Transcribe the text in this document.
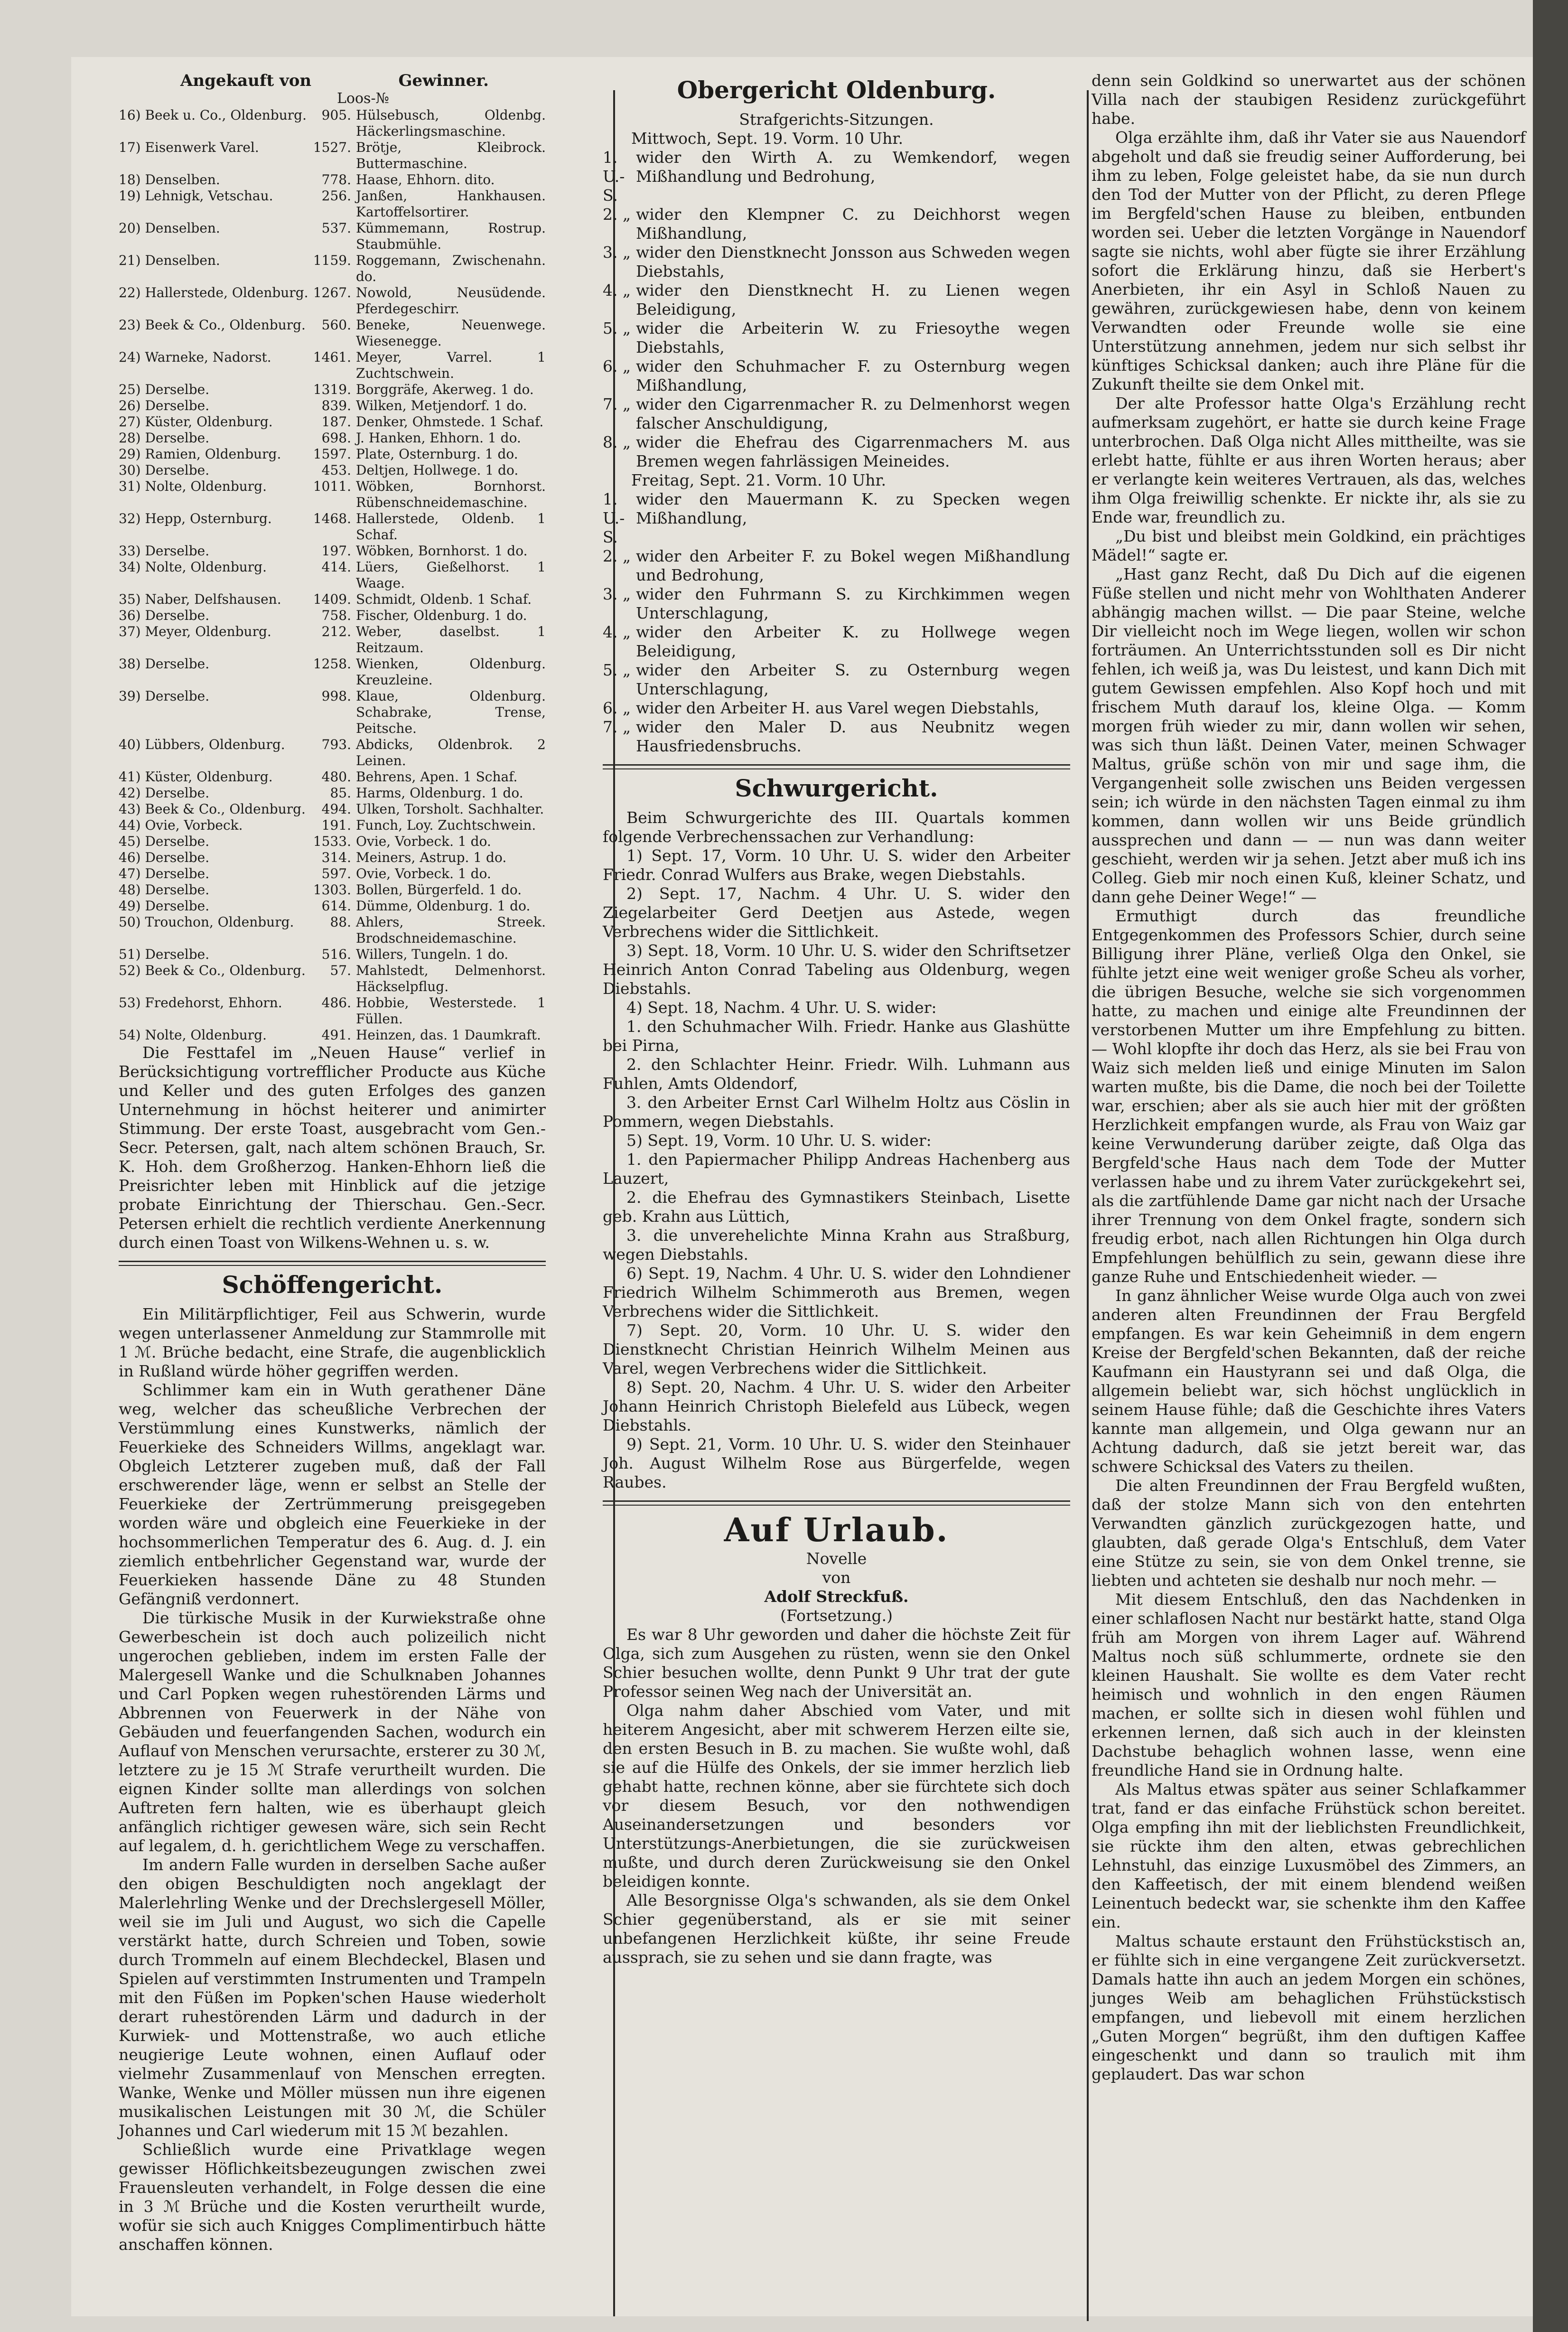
Angekauft von	Gewinner.
Loos-№
16) Beek u. Co., Oldenburg.	905. Hülsebusch, Oldenbg. Häckerlingsmaschine.
17) Eisenwerk Varel.	1527. Brötje, Kleibrock. Buttermaschine.
18) Denselben.	778. Haase, Ehhorn. dito.
19) Lehnigk, Vetschau.	256. Janßen, Hankhausen. Kartoffelsortirer.
20) Denselben.	537. Kümmemann, Rostrup. Staubmühle.
21) Denselben.	1159. Roggemann, Zwischenahn. do.
22) Hallerstede, Oldenburg. 1267. Nowold, Neusüdende. Pferdegeschirr.
23) Beek & Co., Oldenburg.	560. Beneke, Neuenwege. Wiesenegge.
24) Warneke, Nadorst.	1461. Meyer, Varrel. 1 Zuchtschwein.
25) Derselbe.	1319. Borggräfe, Akerweg. 1 do.
26) Derselbe.	839. Wilken, Metjendorf. 1 do.
27) Küster, Oldenburg.	187. Denker, Ohmstede. 1 Schaf.
28) Derselbe.	698. J. Hanken, Ehhorn. 1 do.
29) Ramien, Oldenburg.	1597. Plate, Osternburg. 1 do.
30) Derselbe.	453. Deltjen, Hollwege. 1 do.
31) Nolte, Oldenburg.	1011. Wöbken, Bornhorst. Rübenschneidemaschine.
32) Hepp, Osternburg.	1468. Hallerstede, Oldenb. 1 Schaf.
33) Derselbe.	197. Wöbken, Bornhorst. 1 do.
34) Nolte, Oldenburg.	414. Lüers, Gießelhorst. 1 Waage.
35) Naber, Delfshausen.	1409. Schmidt, Oldenb. 1 Schaf.
36) Derselbe.	758. Fischer, Oldenburg. 1 do.
37) Meyer, Oldenburg.	212. Weber, daselbst. 1 Reitzaum.
38) Derselbe.	1258. Wienken, Oldenburg. Kreuzleine.
39) Derselbe.	998. Klaue, Oldenburg. Schabrake, Trense, Peitsche.
40) Lübbers, Oldenburg.	793. Abdicks, Oldenbrok. 2 Leinen.
41) Küster, Oldenburg.	480. Behrens, Apen. 1 Schaf.
42) Derselbe.	85. Harms, Oldenburg. 1 do.
43) Beek & Co., Oldenburg.	494. Ulken, Torsholt. Sachhalter.
44) Ovie, Vorbeck.	191. Funch, Loy. Zuchtschwein.
45) Derselbe.	1533. Ovie, Vorbeck. 1 do.
46) Derselbe.	314. Meiners, Astrup. 1 do.
47) Derselbe.	597. Ovie, Vorbeck. 1 do.
48) Derselbe.	1303. Bollen, Bürgerfeld. 1 do.
49) Derselbe.	614. Dümme, Oldenburg. 1 do.
50) Trouchon, Oldenburg.	88. Ahlers, Streek. Brodschneidemaschine.
51) Derselbe.	516. Willers, Tungeln. 1 do.
52) Beek & Co., Oldenburg.	57. Mahlstedt, Delmenhorst. Häckselpflug.
53) Fredehorst, Ehhorn.	486. Hobbie, Westerstede. 1 Füllen.
54) Nolte, Oldenburg.	491. Heinzen, das. 1 Daumkraft.

Die Festtafel im „Neuen Hause“ verlief in Berücksichtigung vortrefflicher Producte aus Küche und Keller und des guten Erfolges des ganzen Unternehmung in höchst heiterer und animirter Stimmung. Der erste Toast, ausgebracht vom Gen.-Secr. Petersen, galt, nach altem schönen Brauch, Sr. K. Hoh. dem Großherzog. Hanken-Ehhorn ließ die Preisrichter leben mit Hinblick auf die jetzige probate Einrichtung der Thierschau. Gen.-Secr. Petersen erhielt die rechtlich verdiente Anerkennung durch einen Toast von Wilkens-Wehnen u. s. w.

Schöffengericht.

Ein Militärpflichtiger, Feil aus Schwerin, wurde wegen unterlassener Anmeldung zur Stammrolle mit 1 ℳ. Brüche bedacht, eine Strafe, die augenblicklich in Rußland würde höher gegriffen werden.

Schlimmer kam ein in Wuth gerathener Däne weg, welcher das scheußliche Verbrechen der Verstümmlung eines Kunstwerks, nämlich der Feuerkieke des Schneiders Willms, angeklagt war. Obgleich Letzterer zugeben muß, daß der Fall erschwerender läge, wenn er selbst an Stelle der Feuerkieke der Zertrümmerung preisgegeben worden wäre und obgleich eine Feuerkieke in der hochsommerlichen Temperatur des 6. Aug. d. J. ein ziemlich entbehrlicher Gegenstand war, wurde der Feuerkieken hassende Däne zu 48 Stunden Gefängniß verdonnert.

Die türkische Musik in der Kurwiekstraße ohne Gewerbeschein ist doch auch polizeilich nicht ungerochen geblieben, indem im ersten Falle der Malergesell Wanke und die Schulknaben Johannes und Carl Popken wegen ruhestörenden Lärms und Abbrennen von Feuerwerk in der Nähe von Gebäuden und feuerfangenden Sachen, wodurch ein Auflauf von Menschen verursachte, ersterer zu 30 ℳ, letztere zu je 15 ℳ Strafe verurtheilt wurden. Die eignen Kinder sollte man allerdings von solchen Auftreten fern halten, wie es überhaupt gleich anfänglich richtiger gewesen wäre, sich sein Recht auf legalem, d. h. gerichtlichem Wege zu verschaffen.

Im andern Falle wurden in derselben Sache außer den obigen Beschuldigten noch angeklagt der Malerlehrling Wenke und der Drechslergesell Möller, weil sie im Juli und August, wo sich die Capelle verstärkt hatte, durch Schreien und Toben, sowie durch Trommeln auf einem Blechdeckel, Blasen und Spielen auf verstimmten Instrumenten und Trampeln mit den Füßen im Popken'schen Hause wiederholt derart ruhestörenden Lärm und dadurch in der Kurwiek- und Mottenstraße, wo auch etliche neugierige Leute wohnen, einen Auflauf oder vielmehr Zusammenlauf von Menschen erregten. Wanke, Wenke und Möller müssen nun ihre eigenen musikalischen Leistungen mit 30 ℳ, die Schüler Johannes und Carl wiederum mit 15 ℳ bezahlen.

Schließlich wurde eine Privatklage wegen gewisser Höflichkeitsbezeugungen zwischen zwei Frauensleuten verhandelt, in Folge dessen die eine in 3 ℳ Brüche und die Kosten verurtheilt wurde, wofür sie sich auch Knigges Complimentirbuch hätte anschaffen können.

Obergericht Oldenburg.

Strafgerichts-Sitzungen.

Mittwoch, Sept. 19. Vorm. 10 Uhr.

1. U.-S.
wider den Wirth A. zu Wemkendorf, wegen Mißhandlung und Bedrohung,
2. „ wider den Klempner C. zu Deichhorst wegen Mißhandlung,
3. „ wider den Dienstknecht Jonsson aus Schweden wegen Diebstahls,
4. „ wider den Dienstknecht H. zu Lienen wegen Beleidigung,
5. „ wider die Arbeiterin W. zu Friesoythe wegen Diebstahls,
6. „ wider den Schuhmacher F. zu Osternburg wegen Mißhandlung,
7. „ wider den Cigarrenmacher R. zu Delmenhorst wegen falscher Anschuldigung,
8. „ wider die Ehefrau des Cigarrenmachers M. aus Bremen wegen fahrlässigen Meineides.

Freitag, Sept. 21. Vorm. 10 Uhr.

1. U.-S.
wider den Mauermann K. zu Specken wegen Mißhandlung,
2. „ wider den Arbeiter F. zu Bokel wegen Mißhandlung und Bedrohung,
3. „ wider den Fuhrmann S. zu Kirchkimmen wegen Unterschlagung,
4. „ wider den Arbeiter K. zu Hollwege wegen Beleidigung,
5. „ wider den Arbeiter S. zu Osternburg wegen Unterschlagung,
6. „ wider den Arbeiter H. aus Varel wegen Diebstahls,
7. „ wider den Maler D. aus Neubnitz wegen Hausfriedensbruchs.
Schwurgericht.

Beim Schwurgerichte des III. Quartals kommen folgende Verbrechenssachen zur Verhandlung:

1) Sept. 17, Vorm. 10 Uhr. U. S. wider den Arbeiter Friedr. Conrad Wulfers aus Brake, wegen Diebstahls.

2) Sept. 17, Nachm. 4 Uhr. U. S. wider den Ziegelarbeiter Gerd Deetjen aus Astede, wegen Verbrechens wider die Sittlichkeit.

3) Sept. 18, Vorm. 10 Uhr. U. S. wider den Schriftsetzer Heinrich Anton Conrad Tabeling aus Oldenburg, wegen Diebstahls.

4) Sept. 18, Nachm. 4 Uhr. U. S. wider:

1. den Schuhmacher Wilh. Friedr. Hanke aus Glashütte bei Pirna,

2. den Schlachter Heinr. Friedr. Wilh. Luhmann aus Fuhlen, Amts Oldendorf,

3. den Arbeiter Ernst Carl Wilhelm Holtz aus Cöslin in Pommern, wegen Diebstahls.

5) Sept. 19, Vorm. 10 Uhr. U. S. wider:

1. den Papiermacher Philipp Andreas Hachenberg aus Lauzert,

2. die Ehefrau des Gymnastikers Steinbach, Lisette geb. Krahn aus Lüttich,

3. die unverehelichte Minna Krahn aus Straßburg, wegen Diebstahls.

6) Sept. 19, Nachm. 4 Uhr. U. S. wider den Lohndiener Friedrich Wilhelm Schimmeroth aus Bremen, wegen Verbrechens wider die Sittlichkeit.

7) Sept. 20, Vorm. 10 Uhr. U. S. wider den Dienstknecht Christian Heinrich Wilhelm Meinen aus Varel, wegen Verbrechens wider die Sittlichkeit.

8) Sept. 20, Nachm. 4 Uhr. U. S. wider den Arbeiter Johann Heinrich Christoph Bielefeld aus Lübeck, wegen Diebstahls.

9) Sept. 21, Vorm. 10 Uhr. U. S. wider den Steinhauer Joh. August Wilhelm Rose aus Bürgerfelde, wegen Raubes.

Auf Urlaub.

Novelle

von

Adolf Streckfuß.

(Fortsetzung.)

Es war 8 Uhr geworden und daher die höchste Zeit für Olga, sich zum Ausgehen zu rüsten, wenn sie den Onkel Schier besuchen wollte, denn Punkt 9 Uhr trat der gute Professor seinen Weg nach der Universität an.

Olga nahm daher Abschied vom Vater, und mit heiterem Angesicht, aber mit schwerem Herzen eilte sie, den ersten Besuch in B. zu machen. Sie wußte wohl, daß sie auf die Hülfe des Onkels, der sie immer herzlich lieb gehabt hatte, rechnen könne, aber sie fürchtete sich doch vor diesem Besuch, vor den nothwendigen Auseinandersetzungen und besonders vor Unterstützungs-Anerbietungen, die sie zurückweisen mußte, und durch deren Zurückweisung sie den Onkel beleidigen konnte.

Alle Besorgnisse Olga's schwanden, als sie dem Onkel Schier gegenüberstand, als er sie mit seiner unbefangenen Herzlichkeit küßte, ihr seine Freude aussprach, sie zu sehen und sie dann fragte, was

denn sein Goldkind so unerwartet aus der schönen Villa nach der staubigen Residenz zurückgeführt habe.

Olga erzählte ihm, daß ihr Vater sie aus Nauendorf abgeholt und daß sie freudig seiner Aufforderung, bei ihm zu leben, Folge geleistet habe, da sie nun durch den Tod der Mutter von der Pflicht, zu deren Pflege im Bergfeld'schen Hause zu bleiben, entbunden worden sei. Ueber die letzten Vorgänge in Nauendorf sagte sie nichts, wohl aber fügte sie ihrer Erzählung sofort die Erklärung hinzu, daß sie Herbert's Anerbieten, ihr ein Asyl in Schloß Nauen zu gewähren, zurückgewiesen habe, denn von keinem Verwandten oder Freunde wolle sie eine Unterstützung annehmen, jedem nur sich selbst ihr künftiges Schicksal danken; auch ihre Pläne für die Zukunft theilte sie dem Onkel mit.

Der alte Professor hatte Olga's Erzählung recht aufmerksam zugehört, er hatte sie durch keine Frage unterbrochen. Daß Olga nicht Alles mittheilte, was sie erlebt hatte, fühlte er aus ihren Worten heraus; aber er verlangte kein weiteres Vertrauen, als das, welches ihm Olga freiwillig schenkte. Er nickte ihr, als sie zu Ende war, freundlich zu.

„Du bist und bleibst mein Goldkind, ein prächtiges Mädel!“ sagte er.

„Hast ganz Recht, daß Du Dich auf die eigenen Füße stellen und nicht mehr von Wohlthaten Anderer abhängig machen willst. — Die paar Steine, welche Dir vielleicht noch im Wege liegen, wollen wir schon forträumen. An Unterrichtsstunden soll es Dir nicht fehlen, ich weiß ja, was Du leistest, und kann Dich mit gutem Gewissen empfehlen. Also Kopf hoch und mit frischem Muth darauf los, kleine Olga. — Komm morgen früh wieder zu mir, dann wollen wir sehen, was sich thun läßt. Deinen Vater, meinen Schwager Maltus, grüße schön von mir und sage ihm, die Vergangenheit solle zwischen uns Beiden vergessen sein; ich würde in den nächsten Tagen einmal zu ihm kommen, dann wollen wir uns Beide gründlich aussprechen und dann — — nun was dann weiter geschieht, werden wir ja sehen. Jetzt aber muß ich ins Colleg. Gieb mir noch einen Kuß, kleiner Schatz, und dann gehe Deiner Wege!“ —

Ermuthigt durch das freundliche Entgegenkommen des Professors Schier, durch seine Billigung ihrer Pläne, verließ Olga den Onkel, sie fühlte jetzt eine weit weniger große Scheu als vorher, die übrigen Besuche, welche sie sich vorgenommen hatte, zu machen und einige alte Freundinnen der verstorbenen Mutter um ihre Empfehlung zu bitten. — Wohl klopfte ihr doch das Herz, als sie bei Frau von Waiz sich melden ließ und einige Minuten im Salon warten mußte, bis die Dame, die noch bei der Toilette war, erschien; aber als sie auch hier mit der größten Herzlichkeit empfangen wurde, als Frau von Waiz gar keine Verwunderung darüber zeigte, daß Olga das Bergfeld'sche Haus nach dem Tode der Mutter verlassen habe und zu ihrem Vater zurückgekehrt sei, als die zartfühlende Dame gar nicht nach der Ursache ihrer Trennung von dem Onkel fragte, sondern sich freudig erbot, nach allen Richtungen hin Olga durch Empfehlungen behülflich zu sein, gewann diese ihre ganze Ruhe und Entschiedenheit wieder. —

In ganz ähnlicher Weise wurde Olga auch von zwei anderen alten Freundinnen der Frau Bergfeld empfangen. Es war kein Geheimniß in dem engern Kreise der Bergfeld'schen Bekannten, daß der reiche Kaufmann ein Haustyrann sei und daß Olga, die allgemein beliebt war, sich höchst unglücklich in seinem Hause fühle; daß die Geschichte ihres Vaters kannte man allgemein, und Olga gewann nur an Achtung dadurch, daß sie jetzt bereit war, das schwere Schicksal des Vaters zu theilen.

Die alten Freundinnen der Frau Bergfeld wußten, daß der stolze Mann sich von den entehrten Verwandten gänzlich zurückgezogen hatte, und glaubten, daß gerade Olga's Entschluß, dem Vater eine Stütze zu sein, sie von dem Onkel trenne, sie liebten und achteten sie deshalb nur noch mehr. —

Mit diesem Entschluß, den das Nachdenken in einer schlaflosen Nacht nur bestärkt hatte, stand Olga früh am Morgen von ihrem Lager auf. Während Maltus noch süß schlummerte, ordnete sie den kleinen Haushalt. Sie wollte es dem Vater recht heimisch und wohnlich in den engen Räumen machen, er sollte sich in diesen wohl fühlen und erkennen lernen, daß sich auch in der kleinsten Dachstube behaglich wohnen lasse, wenn eine freundliche Hand sie in Ordnung halte.

Als Maltus etwas später aus seiner Schlafkammer trat, fand er das einfache Frühstück schon bereitet. Olga empfing ihn mit der lieblichsten Freundlichkeit, sie rückte ihm den alten, etwas gebrechlichen Lehnstuhl, das einzige Luxusmöbel des Zimmers, an den Kaffeetisch, der mit einem blendend weißen Leinentuch bedeckt war, sie schenkte ihm den Kaffee ein.

Maltus schaute erstaunt den Frühstückstisch an, er fühlte sich in eine vergangene Zeit zurückversetzt. Damals hatte ihn auch an jedem Morgen ein schönes, junges Weib am behaglichen Frühstückstisch empfangen, und liebevoll mit einem herzlichen „Guten Morgen“ begrüßt, ihm den duftigen Kaffee eingeschenkt und dann so traulich mit ihm geplaudert. Das war schon
